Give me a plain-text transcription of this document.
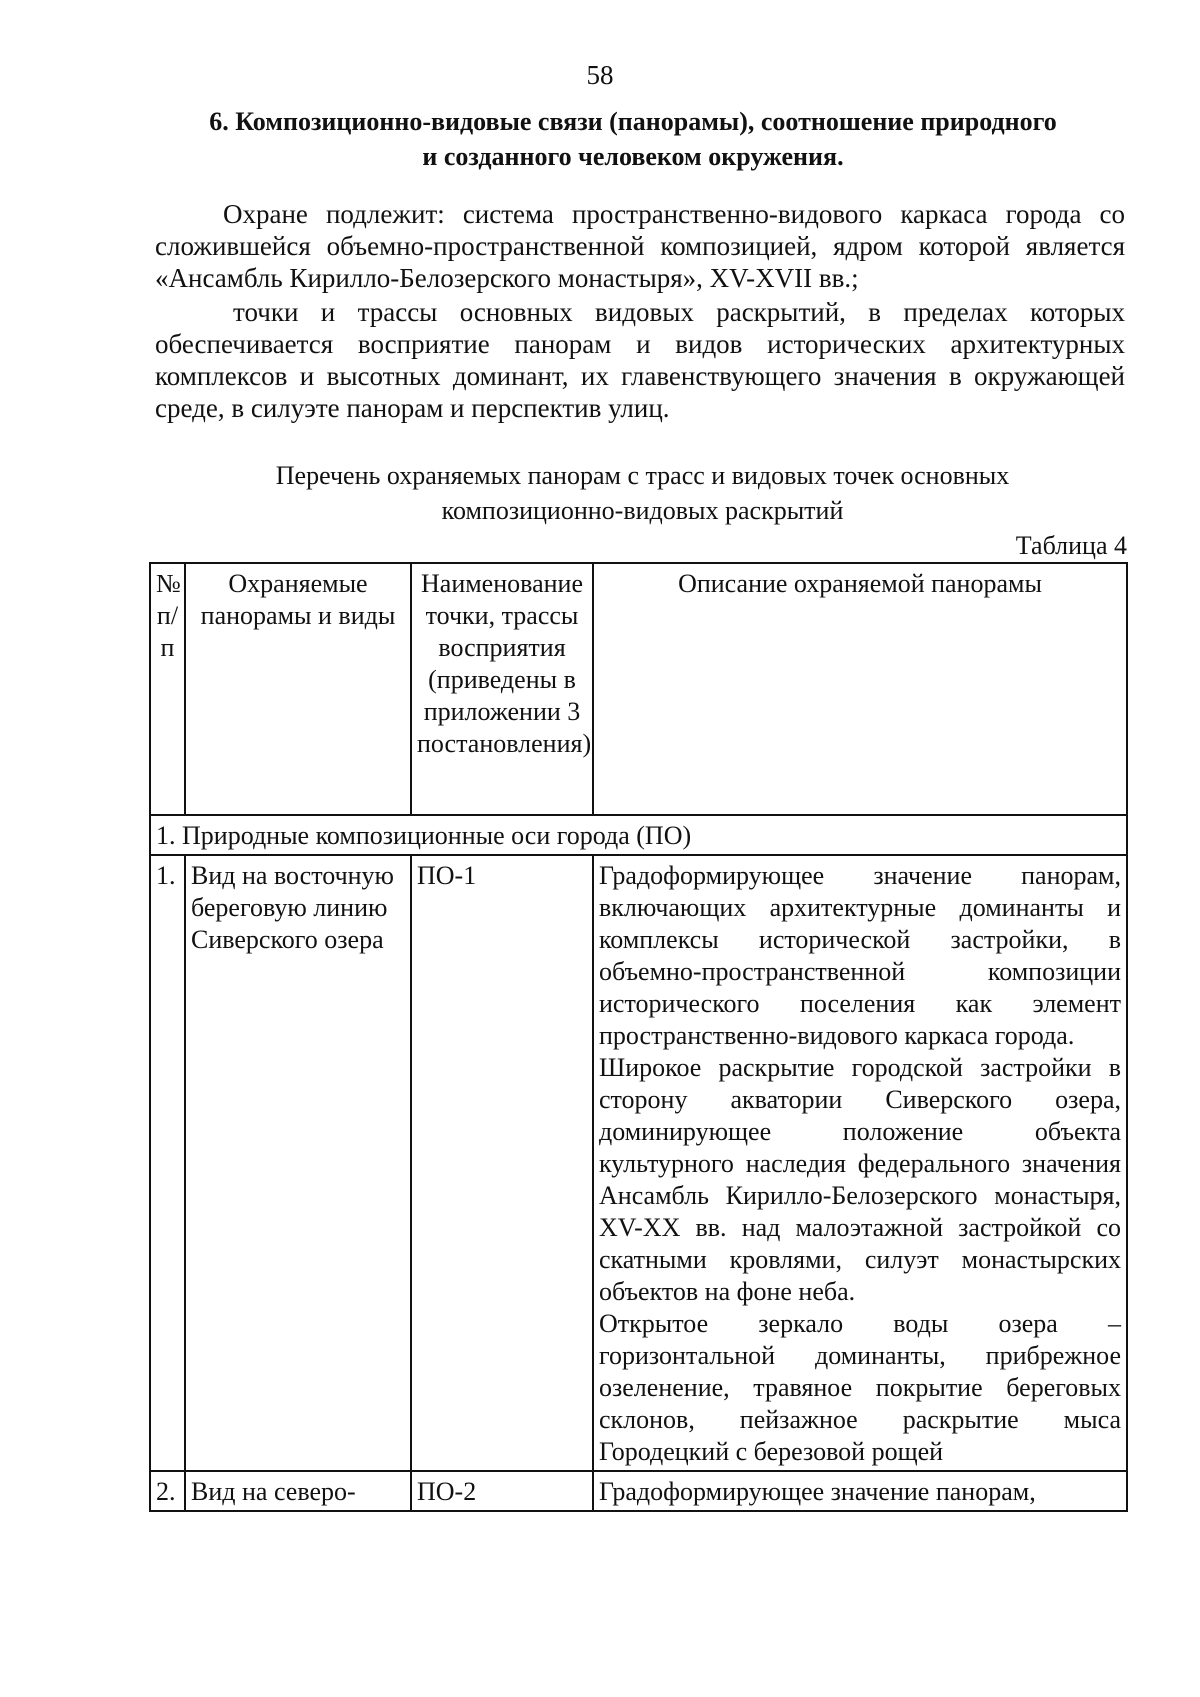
58
6. Композиционно-видовые связи (панорамы), соотношение природного
и созданного человеком окружения.
Охране подлежит: система пространственно-видового каркаса города со сложившейся объемно-пространственной композицией, ядром которой является «Ансамбль Кирилло-Белозерского монастыря», XV-XVII вв.;
точки и трассы основных видовых раскрытий, в пределах которых обеспечивается восприятие панорам и видов исторических архитектурных комплексов и высотных доминант, их главенствующего значения в окружающей среде, в силуэте панорам и перспектив улиц.
Перечень охраняемых панорам с трасс и видовых точек основных
композиционно-видовых раскрытий
Таблица 4
№ п/п	Охраняемые панорамы и виды	Наименование точки, трассы восприятия (приведены в приложении 3 постановления)	Описание охраняемой панорамы
1. Природные композиционные оси города (ПО)			
1.	Вид на восточную береговую линию Сиверского озера	ПО-1	Градоформирующее значение панорам, включающих архитектурные доминанты и комплексы исторической застройки, в объемно-пространственной композиции исторического поселения как элемент пространственно-видового каркаса города.
Широкое раскрытие городской застройки в сторону акватории Сиверского озера, доминирующее положение объекта культурного наследия федерального значения Ансамбль Кирилло-Белозерского монастыря, XV-XX вв. над малоэтажной застройкой со скатными кровлями, силуэт монастырских объектов на фоне неба.
Открытое зеркало воды озера – горизонтальной доминанты, прибрежное озеленение, травяное покрытие береговых склонов, пейзажное раскрытие мыса Городецкий с березовой рощей

2.	Вид на северо-	ПО-2	Градоформирующее значение панорам,
